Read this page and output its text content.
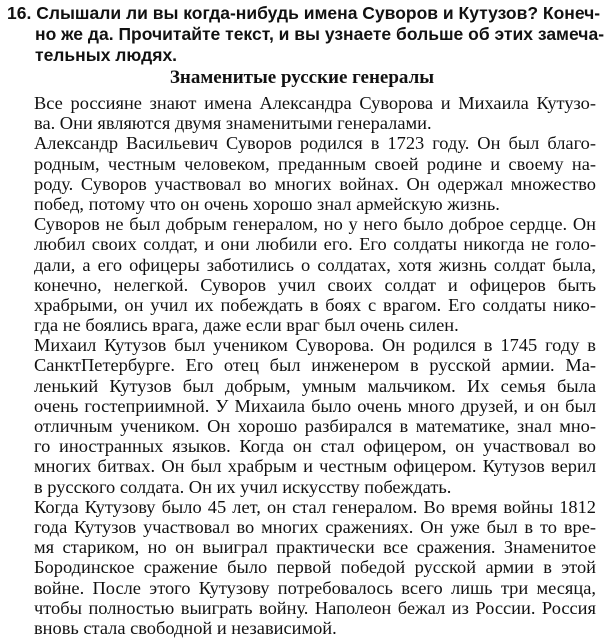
16. Слышали ли вы когда-нибудь имена Суворов и Кутузов? Конеч-
но же да. Прочитайте текст, и вы узнаете больше об этих замеча-
тельных людях.
Знаменитые русские генералы
Все россияне знают имена Александра Суворова и Михаила Кутузо-
ва. Они являются двумя знаменитыми генералами.
Александр Васильевич Суворов родился в 1723 году. Он был благо-
родным, честным человеком, преданным своей родине и своему на-
роду. Суворов участвовал во многих войнах. Он одержал множество
побед, потому что он очень хорошо знал армейскую жизнь.
Суворов не был добрым генералом, но у него было доброе сердце. Он
любил своих солдат, и они любили его. Его солдаты никогда не голо-
дали, а его офицеры заботились о солдатах, хотя жизнь солдат была,
конечно, нелегкой. Суворов учил своих солдат и офицеров быть
храбрыми, он учил их побеждать в боях с врагом. Его солдаты нико-
гда не боялись врага, даже если враг был очень силен.
Михаил Кутузов был учеником Суворова. Он родился в 1745 году в
СанктПетербурге. Его отец был инженером в русской армии. Ма-
ленький Кутузов был добрым, умным мальчиком. Их семья была
очень гостеприимной. У Михаила было очень много друзей, и он был
отличным учеником. Он хорошо разбирался в математике, знал мно-
го иностранных языков. Когда он стал офицером, он участвовал во
многих битвах. Он был храбрым и честным офицером. Кутузов верил
в русского солдата. Он их учил искусству побеждать.
Когда Кутузову было 45 лет, он стал генералом. Во время войны 1812
года Кутузов участвовал во многих сражениях. Он уже был в то вре-
мя стариком, но он выиграл практически все сражения. Знаменитое
Бородинское сражение было первой победой русской армии в этой
войне. После этого Кутузову потребовалось всего лишь три месяца,
чтобы полностью выиграть войну. Наполеон бежал из России. Россия
вновь стала свободной и независимой.
